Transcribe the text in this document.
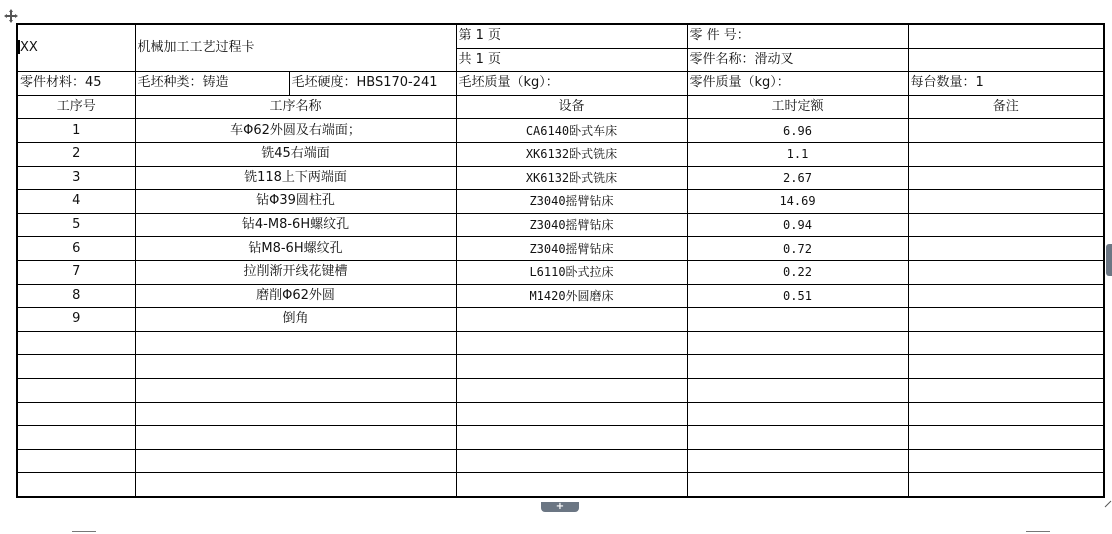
XX	机械加工工艺过程卡		第 1 页	零 件 号：	
			共 1 页	零件名称：滑动叉	
零件材料：45	毛坯种类：铸造	毛坯硬度：HBS170-241	毛坯质量（kg）：	零件质量（kg）：	每台数量：1
工序号	工序名称		设备	工时定额	备注
1	车Φ62外圆及右端面；		CA6140卧式车床	6.96	
2	铣45右端面		XK6132卧式铣床	1.1	
3	铣118上下两端面		XK6132卧式铣床	2.67	
4	钻Φ39圆柱孔		Z3040摇臂钻床	14.69	
5	钻4-M8-6H螺纹孔		Z3040摇臂钻床	0.94	
6	钻M8-6H螺纹孔		Z3040摇臂钻床	0.72	
7	拉削渐开线花键槽		L6110卧式拉床	0.22	
8	磨削Φ62外圆		M1420外圆磨床	0.51	
9	倒角				

+
